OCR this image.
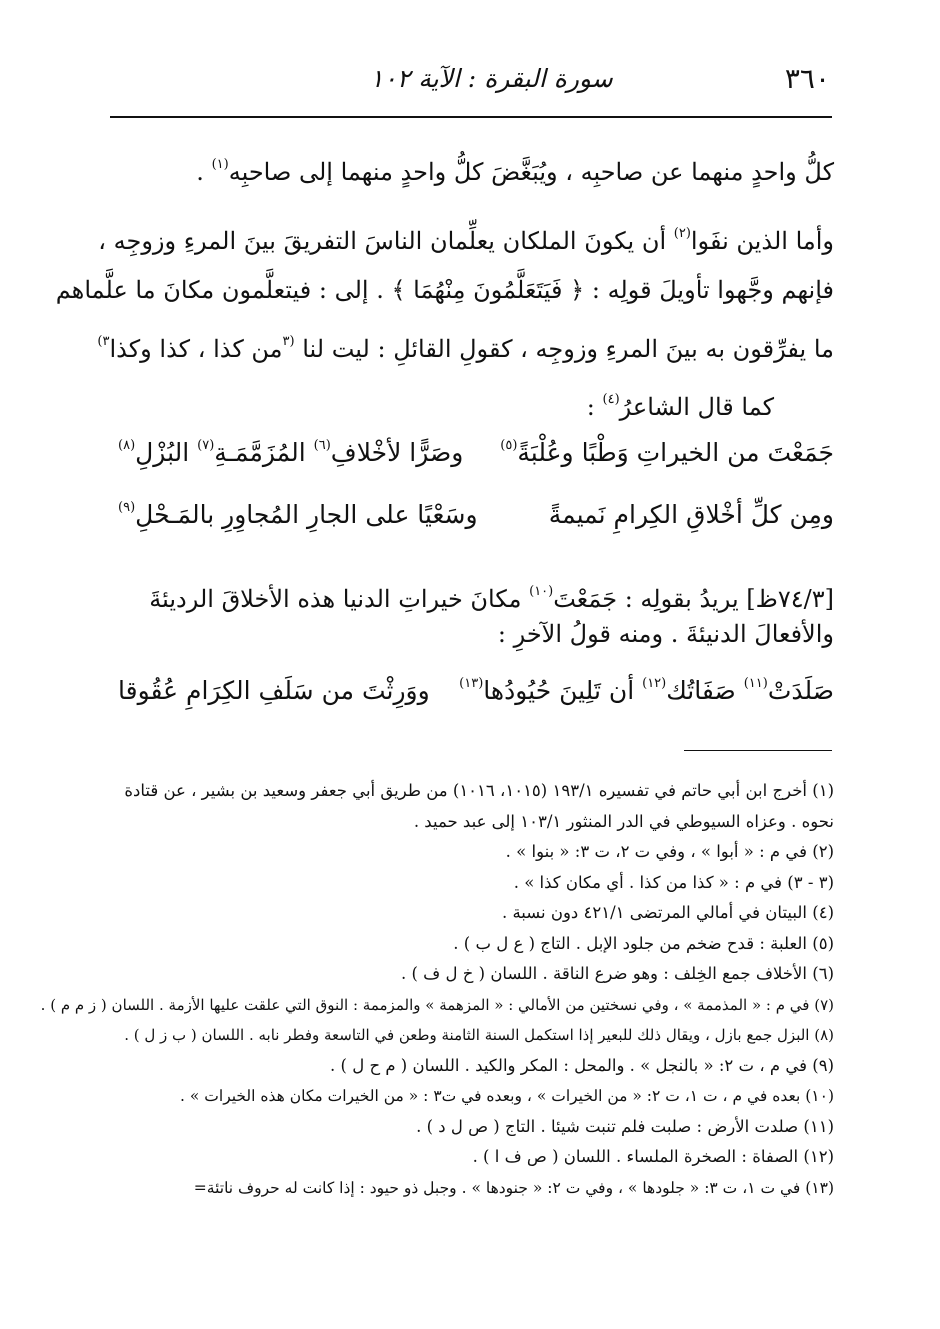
٣٦٠
سورة البقرة : الآية ١٠٢

كلُّ واحدٍ منهما عن صاحبِه ، ويُبَغَّضَ كلُّ واحدٍ منهما إلى صاحبِه$^{(١)}$ .

وأما الذين نفَوا$^{(٢)}$ أن يكونَ الملكان يعلِّمان الناسَ التفريقَ بينَ المرءِ وزوجِه ،

فإنهم وجَّهوا تأويلَ قولِه : ﴿ فَيَتَعَلَّمُونَ مِنْهُمَا ﴾ . إلى : فيتعلَّمون مكانَ ما علَّماهم

ما يفرِّقون به بينَ المرءِ وزوجِه ، كقولِ القائلِ : ليت لنا $^{(٣}$من كذا ، كذا وكذا$^{٣)}$

كما قال الشاعرُ$^{(٤)}$ :

جَمَعْتَ من الخيراتِ وَطْبًا وعُلْبَةً$^{(٥)}$
وصَرًّا لأخْلافِ$^{(٦)}$ المُزَمَّمَـةِ$^{(٧)}$ البُزْلِ$^{(٨)}$
ومِن كلِّ أخْلاقِ الكِرامِ نَميمةً
وسَعْيًا على الجارِ المُجاوِرِ بالمَـحْلِ$^{(٩)}$

[٧٤/٣ظ] يريدُ بقولِه : جَمَعْتَ$^{(١٠)}$ مكانَ خيراتِ الدنيا هذه الأخلاقَ الرديئةَ

والأفعالَ الدنيئةَ . ومنه قولُ الآخرِ :

صَلَدَتْ$^{(١١)}$ صَفَاتُك$^{(١٢)}$ أن تَلِينَ حُيُودُها$^{(١٣)}$
ووَرِثْتَ من سَلَفِ الكِرَامِ عُقُوقا
(١) أخرج ابن أبي حاتم في تفسيره ١٩٣/١ (١٠١٥، ١٠١٦) من طريق أبي جعفر وسعيد بن بشير ، عن قتادة نحوه . وعزاه السيوطي في الدر المنثور ١٠٣/١ إلى عبد حميد .
(٢) في م : « أبوا » ، وفي ت ٢، ت ٣: « بنوا » .
(٣ - ٣) في م : « كذا من كذا . أي مكان كذا » .
(٤) البيتان في أمالي المرتضى ٤٢١/١ دون نسبة .
(٥) العلبة : قدح ضخم من جلود الإبل . التاج ( ع ل ب ) .
(٦) الأخلاف جمع الخِلف : وهو ضرع الناقة . اللسان ( خ ل ف ) .
(٧) في م : « المذممة » ، وفي نسختين من الأمالي : « المزهمة » والمزممة : النوق التي علقت عليها الأزمة . اللسان ( ز م م ) .
(٨) البزل جمع بازل ، ويقال ذلك للبعير إذا استكمل السنة الثامنة وطعن في التاسعة وفطر نابه . اللسان ( ب ز ل ) .
(٩) في م ، ت ٢: « بالنجل » . والمحل : المكر والكيد . اللسان ( م ح ل ) .
(١٠) بعده في م ، ت ١، ت ٢: « من الخيرات » ، وبعده في ت٣ : « من الخيرات مكان هذه الخيرات » .
(١١) صلدت الأرض : صلبت فلم تنبت شيئا . التاج ( ص ل د ) .
(١٢) الصفاة : الصخرة الملساء . اللسان ( ص ف ا ) .
(١٣) في ت ١، ت ٣: « جلودها » ، وفي ت ٢: « جنودها » . وجبل ذو حيود : إذا كانت له حروف ناتئة=
